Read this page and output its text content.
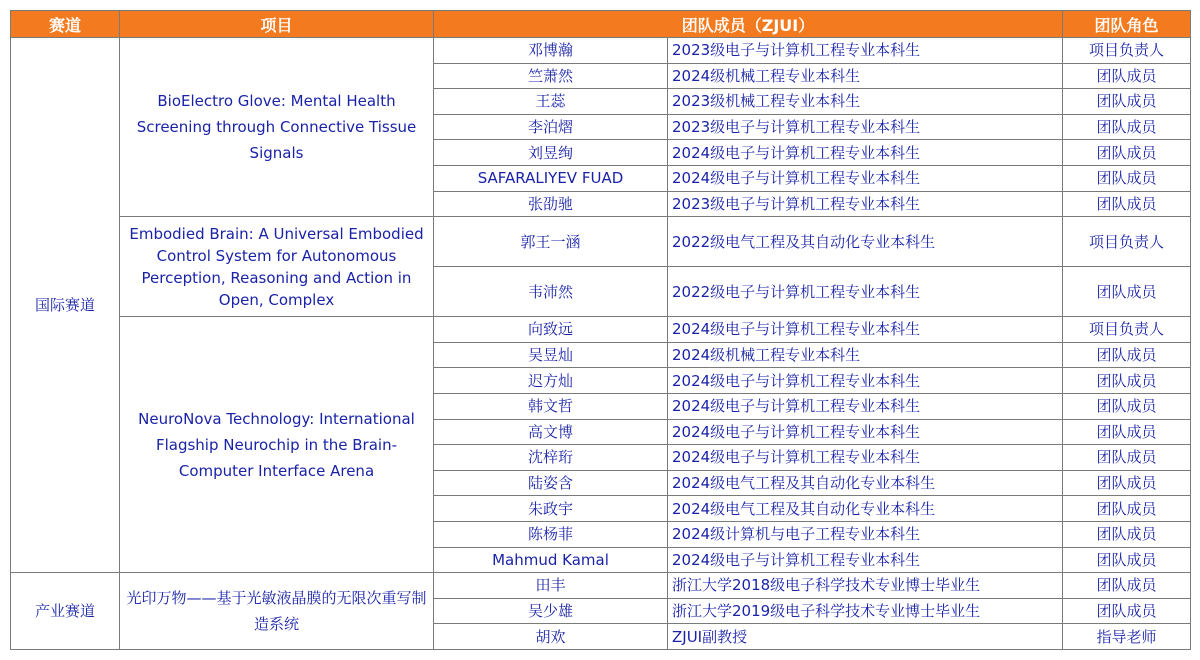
赛道	项目	团队成员（ZJUI）		团队角色
国际赛道	BioElectro Glove: Mental Health Screening through Connective Tissue Signals	邓博瀚	2023级电子与计算机工程专业本科生	项目负责人
		竺萧然	2024级机械工程专业本科生	团队成员
		王蕊	2023级机械工程专业本科生	团队成员
		李泊熠	2023级电子与计算机工程专业本科生	团队成员
		刘昱绚	2024级电子与计算机工程专业本科生	团队成员
		SAFARALIYEV FUAD	2024级电子与计算机工程专业本科生	团队成员
		张劭驰	2023级电子与计算机工程专业本科生	团队成员
	Embodied Brain: A Universal Embodied Control System for Autonomous Perception, Reasoning and Action in Open, Complex	郭王一涵	2022级电气工程及其自动化专业本科生	项目负责人
		韦沛然	2022级电子与计算机工程专业本科生	团队成员
	NeuroNova Technology: International Flagship Neurochip in the Brain-Computer Interface Arena	向致远	2024级电子与计算机工程专业本科生	项目负责人
		吴昱灿	2024级机械工程专业本科生	团队成员
		迟方灿	2024级电子与计算机工程专业本科生	团队成员
		韩文哲	2024级电子与计算机工程专业本科生	团队成员
		高文博	2024级电子与计算机工程专业本科生	团队成员
		沈梓珩	2024级电子与计算机工程专业本科生	团队成员
		陆姿含	2024级电气工程及其自动化专业本科生	团队成员
		朱政宇	2024级电气工程及其自动化专业本科生	团队成员
		陈杨菲	2024级计算机与电子工程专业本科生	团队成员
		Mahmud Kamal	2024级电子与计算机工程专业本科生	团队成员
产业赛道	光印万物——基于光敏液晶膜的无限次重写制造系统	田丰	浙江大学2018级电子科学技术专业博士毕业生	团队成员
		吴少雄	浙江大学2019级电子科学技术专业博士毕业生	团队成员
		胡欢	ZJUI副教授	指导老师
